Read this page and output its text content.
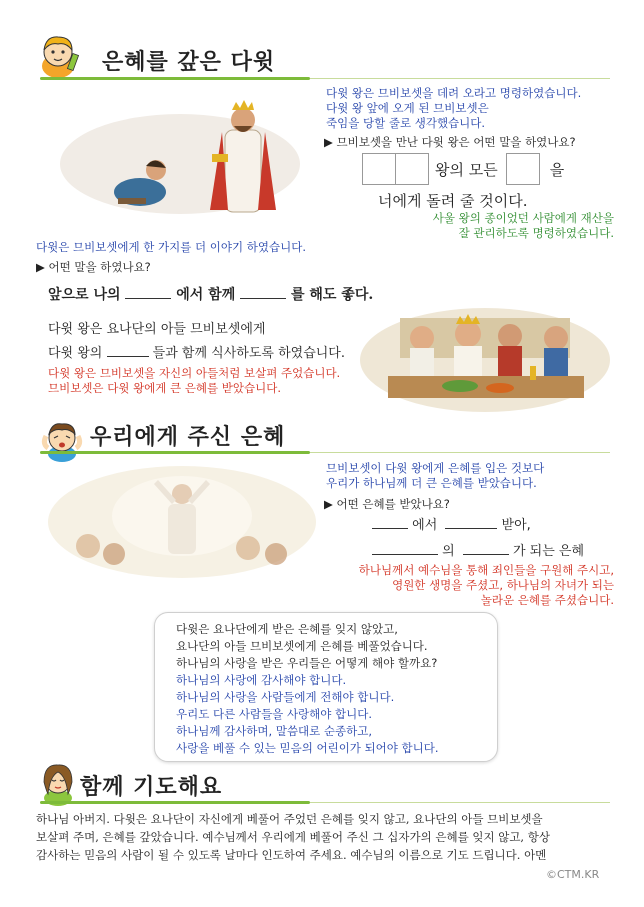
은혜를 갚은 다윗
다윗 왕은 므비보셋을 데려 오라고 명령하였습니다.
다윗 왕 앞에 오게 된 므비보셋은
죽임을 당할 줄로 생각했습니다.
▶ 므비보셋을 만난 다윗 왕은 어떤 말을 하였나요?
왕의 모든	을
너에게 돌려 줄 것이다.
사울 왕의 종이었던 사람에게 재산을
잘 관리하도록 명령하였습니다.
다윗은 므비보셋에게 한 가지를 더 이야기 하였습니다.
▶ 어떤 말을 하였나요?
앞으로 나의	에서 함께	를 해도 좋다.
다윗 왕은 요나단의 아들 므비보셋에게
다윗 왕의	들과 함께 식사하도록 하였습니다.
다윗 왕은 므비보셋을 자신의 아들처럼 보살펴 주었습니다.
므비보셋은 다윗 왕에게 큰 은혜를 받았습니다.
우리에게 주신 은혜
므비보셋이 다윗 왕에게 은혜를 입은 것보다
우리가 하나님께 더 큰 은혜를 받았습니다.
▶ 어떤 은혜를 받았나요?
에서	받아,
의	가 되는 은혜
하나님께서 예수님을 통해 죄인들을 구원해 주시고,
영원한 생명을 주셨고, 하나님의 자녀가 되는
놀라운 은혜를 주셨습니다.
다윗은 요나단에게 받은 은혜를 잊지 않았고,
요나단의 아들 므비보셋에게 은혜를 베풀었습니다.
하나님의 사랑을 받은 우리들은 어떻게 해야 할까요?
하나님의 사랑에 감사해야 합니다.
하나님의 사랑을 사람들에게 전해야 합니다.
우리도 다른 사람들을 사랑해야 합니다.
하나님께 감사하며, 말씀대로 순종하고,
사랑을 베풀 수 있는 믿음의 어린이가 되어야 합니다.
함께 기도해요
하나님 아버지. 다윗은 요나단이 자신에게 베풀어 주었던 은혜를 잊지 않고, 요나단의 아들 므비보셋을
보살펴 주며, 은혜를 갚았습니다. 예수님께서 우리에게 베풀어 주신 그 십자가의 은혜를 잊지 않고, 항상
감사하는 믿음의 사람이 될 수 있도록 날마다 인도하여 주세요. 예수님의 이름으로 기도 드립니다. 아멘
©CTM.KR
